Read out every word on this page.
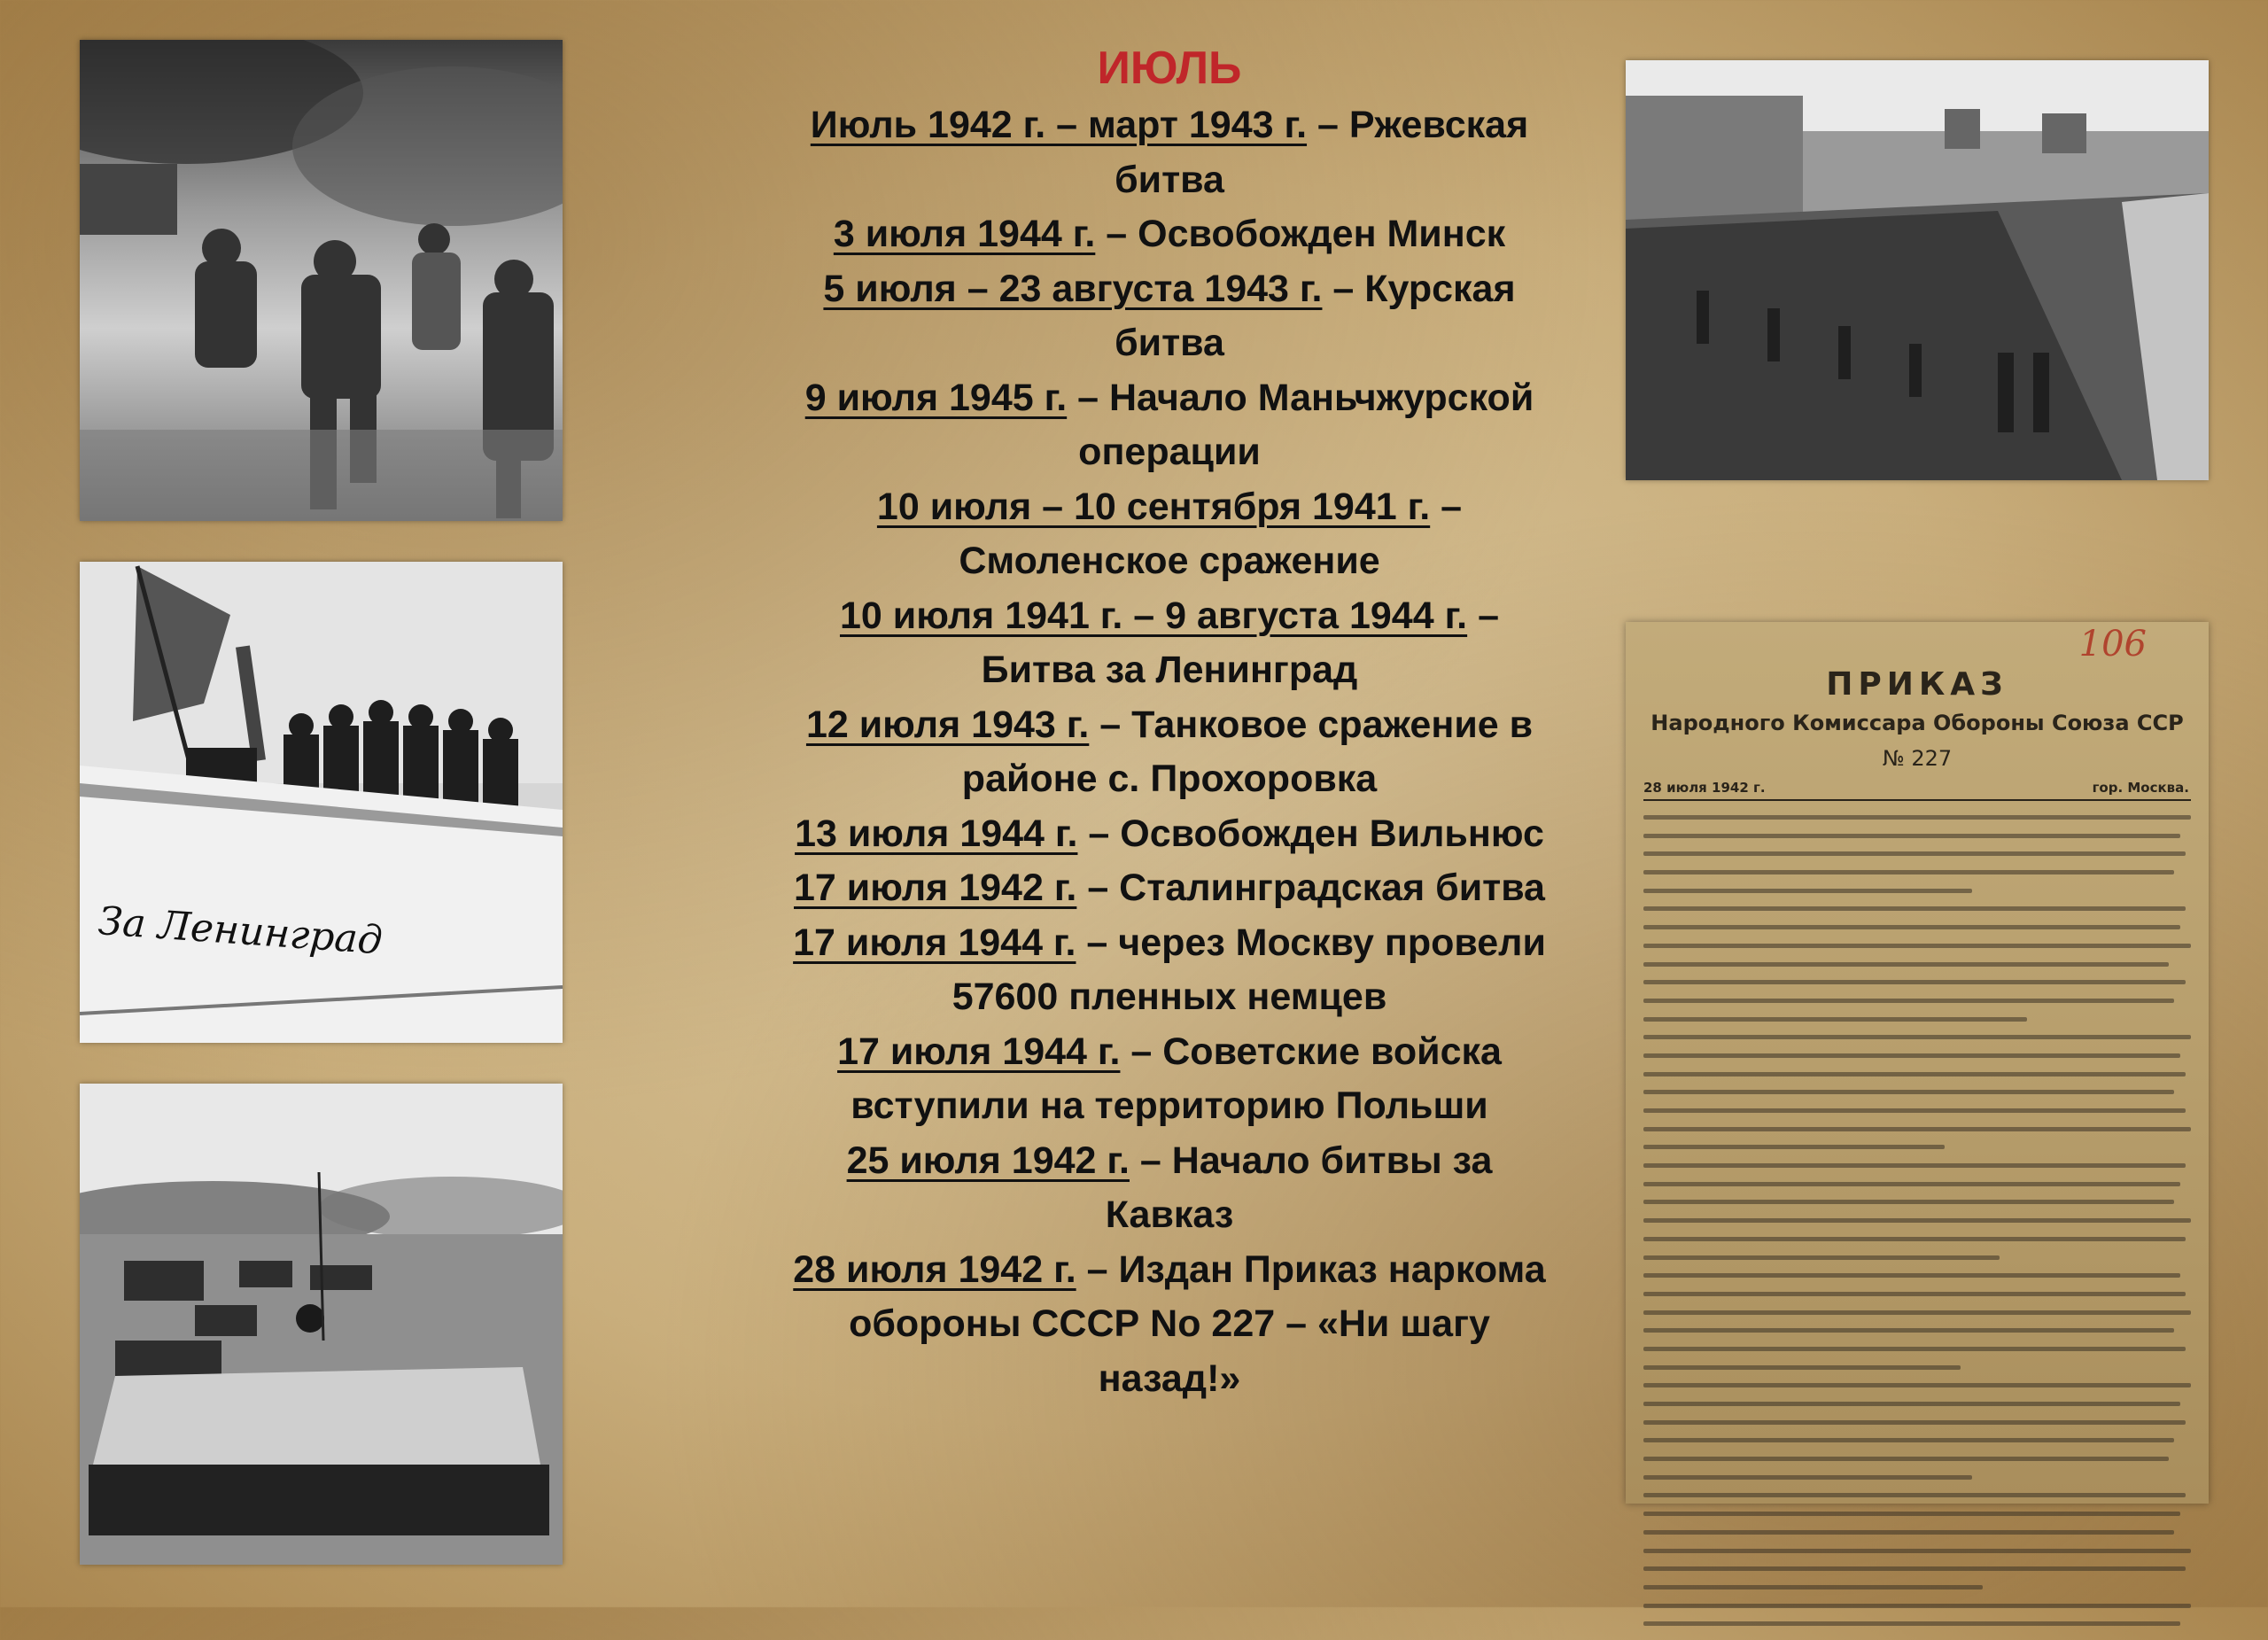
За Ленинград
106
ПРИКАЗ
Народного Комиссара Обороны Союза ССР
№ 227
28 июля 1942 г.	гор. Москва.
ИЮЛЬ
Июль 1942 г. – март 1943 г. – Ржевская битва
3 июля 1944 г. – Освобожден Минск
5 июля – 23 августа 1943 г. – Курская битва
9 июля 1945 г. – Начало Маньчжурской операции
10 июля – 10 сентября 1941 г. – Смоленское сражение
10 июля 1941 г. – 9 августа 1944 г. – Битва за Ленинград
12 июля 1943 г. – Танковое сражение в районе с. Прохоровка
13 июля 1944 г. – Освобожден Вильнюс
17 июля 1942 г. – Сталинградская битва
17 июля 1944 г. – через Москву провели 57600 пленных немцев
17 июля 1944 г. – Советские войска вступили на территорию Польши
25 июля 1942 г. – Начало битвы за Кавказ
28 июля 1942 г. – Издан Приказ наркома обороны СССР No 227 – «Ни шагу назад!»
